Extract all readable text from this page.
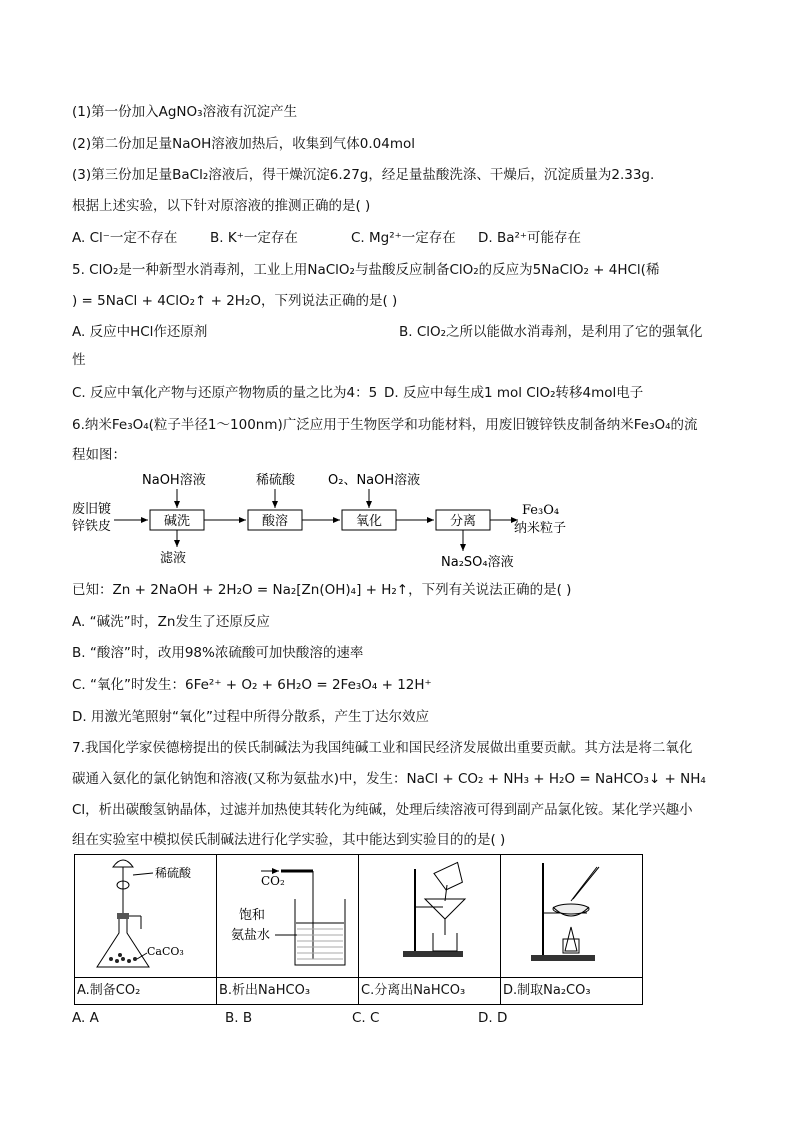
(1)第一份加入AgNO₃溶液有沉淀产生
(2)第二份加足量NaOH溶液加热后，收集到气体0.04mol
(3)第三份加足量BaCl₂溶液后，得干燥沉淀6.27g，经足量盐酸洗涤、干燥后，沉淀质量为2.33g.
根据上述实验，以下针对原溶液的推测正确的是( )
A. Cl⁻一定不存在 B. K⁺一定存在	C. Mg²⁺一定存在 D. Ba²⁺可能存在
5. ClO₂是一种新型水消毒剂，工业上用NaClO₂与盐酸反应制备ClO₂的反应为5NaClO₂ + 4HCl(稀
) = 5NaCl + 4ClO₂↑ + 2H₂O，下列说法正确的是( )
A. 反应中HCl作还原剂	B. ClO₂之所以能做水消毒剂，是利用了它的强氧化
性
C. 反应中氧化产物与还原产物物质的量之比为4：5 D. 反应中每生成1 mol ClO₂转移4mol电子
6.纳米Fe₃O₄(粒子半径1～100nm)广泛应用于生物医学和功能材料，用废旧镀锌铁皮制备纳米Fe₃O₄的流
程如图：
废旧镀
锌铁皮	碱洗	酸溶	氧化	分离
NaOH溶液	稀硫酸	O₂、NaOH溶液
滤液	Na₂SO₄溶液
Fe₃O₄
纳米粒子
已知：Zn + 2NaOH + 2H₂O = Na₂[Zn(OH)₄] + H₂↑，下列有关说法正确的是( )
A. “碱洗”时，Zn发生了还原反应
B. “酸溶”时，改用98%浓硫酸可加快酸溶的速率
C. “氧化”时发生：6Fe²⁺ + O₂ + 6H₂O = 2Fe₃O₄ + 12H⁺
D. 用激光笔照射“氧化”过程中所得分散系，产生丁达尔效应
7.我国化学家侯德榜提出的侯氏制碱法为我国纯碱工业和国民经济发展做出重要贡献。其方法是将二氧化
碳通入氨化的氯化钠饱和溶液(又称为氨盐水)中，发生：NaCl + CO₂ + NH₃ + H₂O = NaHCO₃↓ + NH₄
Cl，析出碳酸氢钠晶体，过滤并加热使其转化为纯碱，处理后续溶液可得到副产品氯化铵。某化学兴趣小
组在实验室中模拟侯氏制碱法进行化学实验，其中能达到实验目的的是( )
稀硫酸
CaCO₃
A.制备CO₂

CO₂
饱和
氨盐水
B.析出NaHCO₃	C.分离出NaHCO₃	D.制取Na₂CO₃
A. A	B. B	C. C	D. D
